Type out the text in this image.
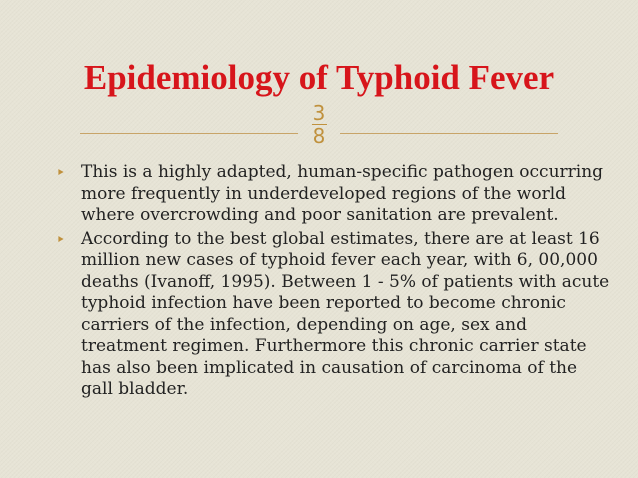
Epidemiology of Typhoid Fever
3
8
‣ This is a highly adapted, human-specific pathogen occurring
more frequently in underdeveloped regions of the world
where overcrowding and poor sanitation are prevalent.
‣ According to the best global estimates, there are at least 16
million new cases of typhoid fever each year, with 6, 00,000
deaths (Ivanoff, 1995). Between 1 - 5% of patients with acute
typhoid infection have been reported to become chronic
carriers of the infection, depending on age, sex and
treatment regimen. Furthermore this chronic carrier state
has also been implicated in causation of carcinoma of the
gall bladder.
